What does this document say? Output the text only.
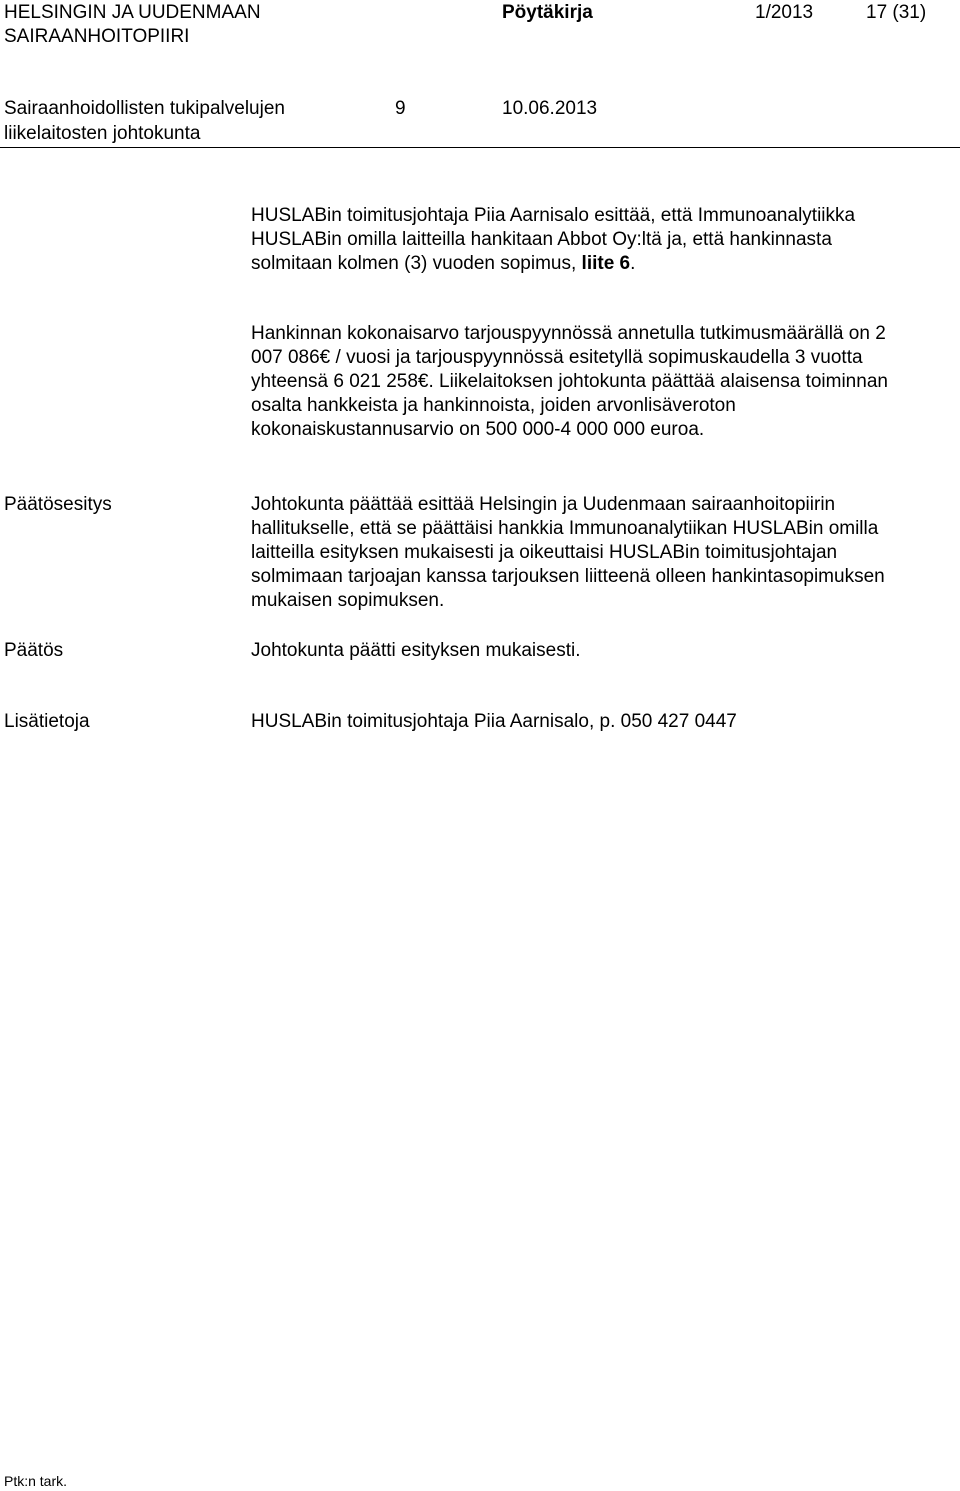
HELSINGIN JA UUDENMAAN
SAIRAANHOITOPIIRI
Pöytäkirja	1/2013	17 (31)
Sairaanhoidollisten tukipalvelujen
liikelaitosten johtokunta
9	10.06.2013
HUSLABin toimitusjohtaja Piia Aarnisalo esittää, että Immunoanalytiikka
HUSLABin omilla laitteilla hankitaan Abbot Oy:ltä ja, että hankinnasta
solmitaan kolmen (3) vuoden sopimus, liite 6.
Hankinnan kokonaisarvo tarjouspyynnössä annetulla tutkimusmäärällä on 2
007 086€ / vuosi ja tarjouspyynnössä esitetyllä sopimuskaudella 3 vuotta
yhteensä 6 021 258€. Liikelaitoksen johtokunta päättää alaisensa toiminnan
osalta hankkeista ja hankinnoista, joiden arvonlisäveroton
kokonaiskustannusarvio on 500 000-4 000 000 euroa.
Päätösesitys	Johtokunta päättää esittää Helsingin ja Uudenmaan sairaanhoitopiirin
hallitukselle, että se päättäisi hankkia Immunoanalytiikan HUSLABin omilla
laitteilla esityksen mukaisesti ja oikeuttaisi HUSLABin toimitusjohtajan
solmimaan tarjoajan kanssa tarjouksen liitteenä olleen hankintasopimuksen
mukaisen sopimuksen.
Päätös	Johtokunta päätti esityksen mukaisesti.
Lisätietoja	HUSLABin toimitusjohtaja Piia Aarnisalo, p. 050 427 0447
Ptk:n tark.
